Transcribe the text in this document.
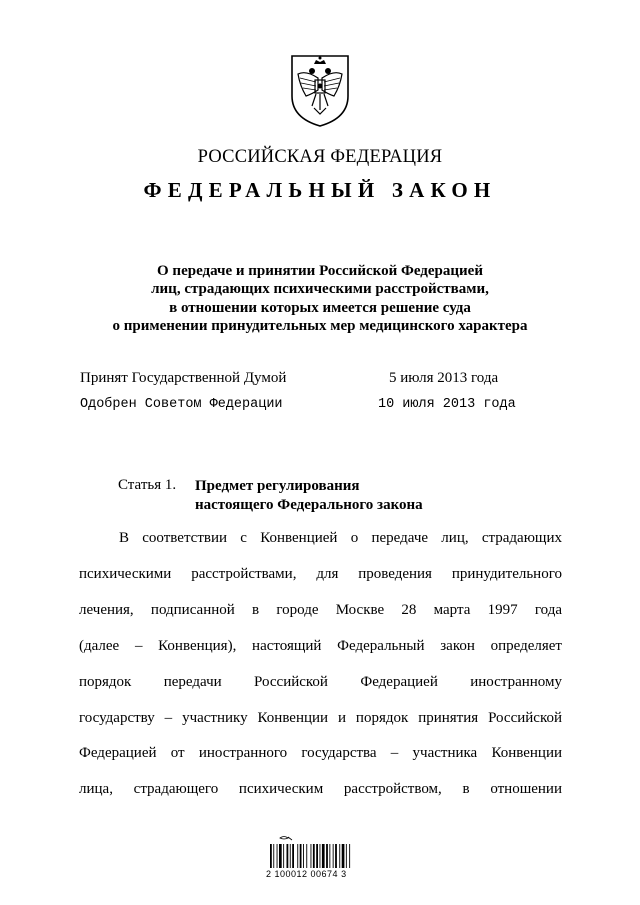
РОССИЙСКАЯ ФЕДЕРАЦИЯ
ФЕДЕРАЛЬНЫЙ ЗАКОН
О передаче и принятии Российской Федерацией
лиц, страдающих психическими расстройствами,
в отношении которых имеется решение суда
о применении принудительных мер медицинского характера
Принят Государственной Думой	5 июля 2013 года
Одобрен Советом Федерации	10 июля 2013 года
Статья 1. Предмет регулирования
настоящего Федерального закона
В соответствии с Конвенцией о передаче лиц, страдающих
психическими расстройствами, для проведения принудительного
лечения, подписанной в городе Москве 28 марта 1997 года
(далее – Конвенция), настоящий Федеральный закон определяет
порядок передачи Российской Федерацией иностранному
государству – участнику Конвенции и порядок принятия Российской
Федерацией от иностранного государства – участника Конвенции
лица, страдающего психическим расстройством, в отношении
2 100012 00674 3
